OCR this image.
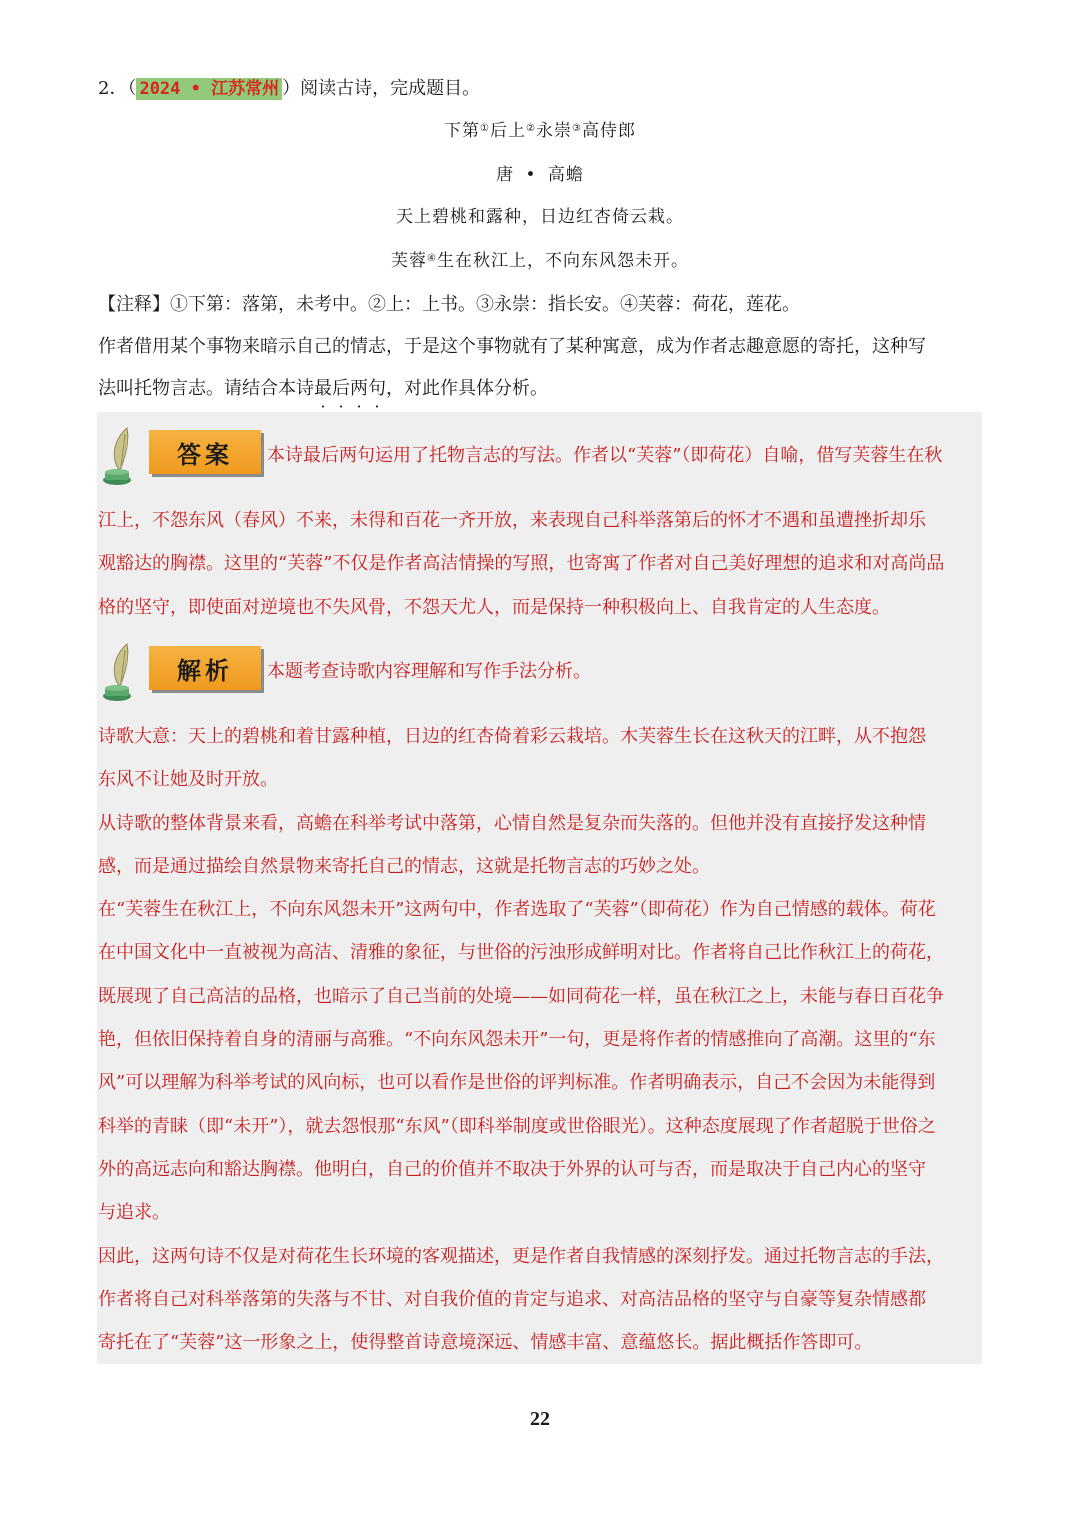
2．（ 2024 • 江苏常州 ）阅读古诗，完成题目。
下第①后上②永崇③高侍郎
唐 • 高蟾
天上碧桃和露种，日边红杏倚云栽。
芙蓉④生在秋江上，不向东风怨未开。
【注释】①下第：落第，未考中。②上：上书。③永崇：指长安。④芙蓉：荷花，莲花。
作者借用某个事物来暗示自己的情志，于是这个事物就有了某种寓意，成为作者志趣意愿的寄托，这种写
法叫托物言志。请结合本诗最后两句，对此作具体分析。
答案	本诗最后两句运用了托物言志的写法。作者以“芙蓉”（即荷花）自喻，借写芙蓉生在秋
江上，不怨东风（春风）不来，未得和百花一齐开放，来表现自己科举落第后的怀才不遇和虽遭挫折却乐
观豁达的胸襟。这里的“芙蓉”不仅是作者高洁情操的写照，也寄寓了作者对自己美好理想的追求和对高尚品
格的坚守，即使面对逆境也不失风骨，不怨天尤人，而是保持一种积极向上、自我肯定的人生态度。
解析	本题考查诗歌内容理解和写作手法分析。
诗歌大意：天上的碧桃和着甘露种植，日边的红杏倚着彩云栽培。木芙蓉生长在这秋天的江畔，从不抱怨
东风不让她及时开放。
从诗歌的整体背景来看，高蟾在科举考试中落第，心情自然是复杂而失落的。但他并没有直接抒发这种情
感，而是通过描绘自然景物来寄托自己的情志，这就是托物言志的巧妙之处。
在“芙蓉生在秋江上，不向东风怨未开”这两句中，作者选取了“芙蓉”（即荷花）作为自己情感的载体。荷花
在中国文化中一直被视为高洁、清雅的象征，与世俗的污浊形成鲜明对比。作者将自己比作秋江上的荷花，
既展现了自己高洁的品格，也暗示了自己当前的处境——如同荷花一样，虽在秋江之上，未能与春日百花争
艳，但依旧保持着自身的清丽与高雅。“不向东风怨未开”一句，更是将作者的情感推向了高潮。这里的“东
风”可以理解为科举考试的风向标，也可以看作是世俗的评判标准。作者明确表示，自己不会因为未能得到
科举的青睐（即“未开”），就去怨恨那“东风”（即科举制度或世俗眼光）。这种态度展现了作者超脱于世俗之
外的高远志向和豁达胸襟。他明白，自己的价值并不取决于外界的认可与否，而是取决于自己内心的坚守
与追求。
因此，这两句诗不仅是对荷花生长环境的客观描述，更是作者自我情感的深刻抒发。通过托物言志的手法，
作者将自己对科举落第的失落与不甘、对自我价值的肯定与追求、对高洁品格的坚守与自豪等复杂情感都
寄托在了“芙蓉”这一形象之上，使得整首诗意境深远、情感丰富、意蕴悠长。据此概括作答即可。
22
